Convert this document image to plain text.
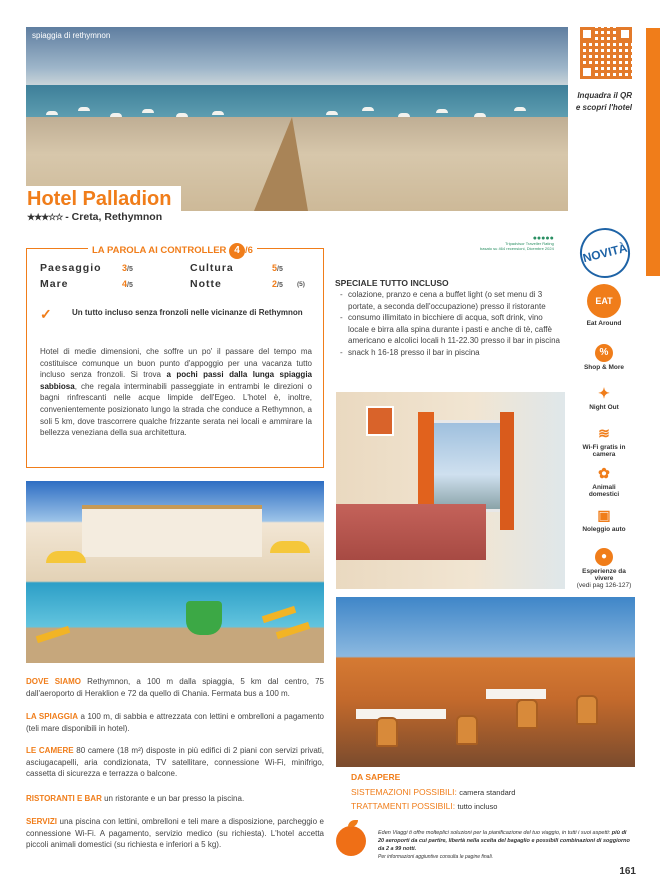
spiaggia di rethymnon
Hotel Palladion
★★★☆☆ - Creta, Rethymnon
Inquadra il QR
e scopri l'hotel
LA PAROLA AI CONTROLLER 4 /6
Paesaggio 3/5	Cultura	5/5
Mare	4/5	Notte	2/5 (5)
✓	Un tutto incluso senza fronzoli nelle vicinanze di Rethymnon
Hotel di medie dimensioni, che soffre un po' il passare del tempo ma costituisce comunque un buon punto d'appoggio per una vacanza tutto incluso senza fronzoli. Si trova a pochi passi dalla lunga spiaggia sabbiosa, che regala interminabili passeggiate in entrambi le direzioni o bagni rinfrescanti nelle acque limpide dell'Egeo. L'hotel è, inoltre, convenientemente posizionato lungo la strada che conduce a Rethymnon, a soli 5 km, dove trascorrere qualche frizzante serata nei locali e ammirare la bellezza veneziana della sua architettura.
●●●●●
Tripadvisor Traveller Rating
basato su 464 recensioni, Dicembre 2024	NOVITÀ
SPECIALE TUTTO INCLUSO
- colazione, pranzo e cena a buffet light (o set menu di 3 portate, a seconda dell'occupazione) presso il ristorante
- consumo illimitato in bicchiere di acqua, soft drink, vino locale e birra alla spina durante i pasti e anche di tè, caffè americano e alcolici locali h 11-22.30 presso il bar in piscina
- snack h 16-18 presso il bar in piscina
EAT
Eat Around
%
Shop & More
✦
Night Out
≋
Wi-Fi gratis in camera
✿
Animali domestici
▣
Noleggio auto
●
Esperienze da vivere
(vedi pag 126-127)
DOVE SIAMO Rethymnon, a 100 m dalla spiaggia, 5 km dal centro, 75 dall'aeroporto di Heraklion e 72 da quello di Chania. Fermata bus a 100 m.
LA SPIAGGIA a 100 m, di sabbia e attrezzata con lettini e ombrelloni a pagamento (teli mare disponibili in hotel).
LE CAMERE 80 camere (18 m²) disposte in più edifici di 2 piani con servizi privati, asciugacapelli, aria condizionata, TV satellitare, connessione Wi-Fi, minifrigo, cassetta di sicurezza e terrazza o balcone.
RISTORANTI E BAR un ristorante e un bar presso la piscina.
SERVIZI una piscina con lettini, ombrelloni e teli mare a disposizione, parcheggio e connessione Wi-Fi. A pagamento, servizio medico (su richiesta). L'hotel accetta piccoli animali domestici (su richiesta e inferiori a 5 kg).
DA SAPERE
SISTEMAZIONI POSSIBILI: camera standard
TRATTAMENTI POSSIBILI: tutto incluso
Eden Viaggi ti offre molteplici soluzioni per la pianificazione del tuo viaggio, in tutti i suoi aspetti: più di 20 aeroporti da cui partire, libertà nella scelta del bagaglio e possibili combinazioni di soggiorno da 2 a 99 notti.
Per informazioni aggiuntive consulta le pagine finali.
161
